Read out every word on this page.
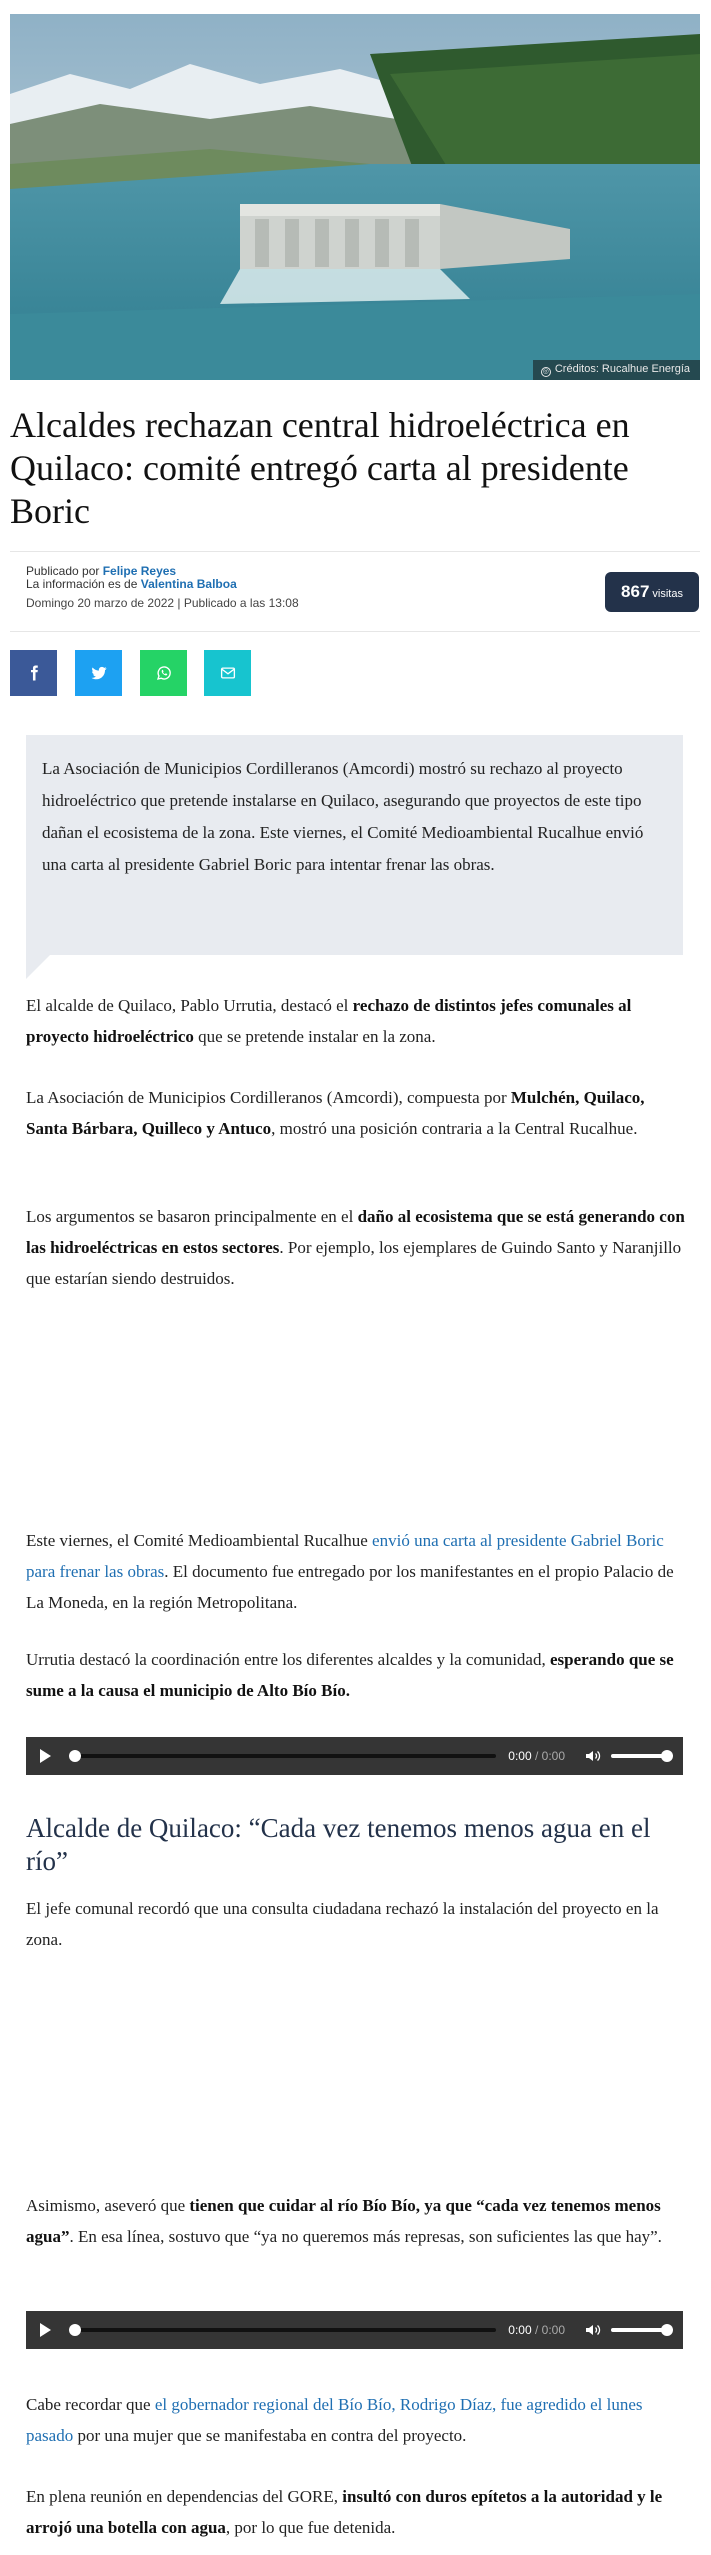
◎ Créditos: Rucalhue Energía
Alcaldes rechazan central hidroeléctrica en Quilaco: comité entregó carta al presidente Boric
Publicado por Felipe Reyes
La información es de Valentina Balboa
Domingo 20 marzo de 2022 | Publicado a las 13:08
867 visitas
La Asociación de Municipios Cordilleranos (Amcordi) mostró su rechazo al proyecto hidroeléctrico que pretende instalarse en Quilaco, asegurando que proyectos de este tipo dañan el ecosistema de la zona. Este viernes, el Comité Medioambiental Rucalhue envió una carta al presidente Gabriel Boric para intentar frenar las obras.

El alcalde de Quilaco, Pablo Urrutia, destacó el rechazo de distintos jefes comunales al proyecto hidroeléctrico que se pretende instalar en la zona.

La Asociación de Municipios Cordilleranos (Amcordi), compuesta por Mulchén, Quilaco, Santa Bárbara, Quilleco y Antuco, mostró una posición contraria a la Central Rucalhue.

Los argumentos se basaron principalmente en el daño al ecosistema que se está generando con las hidroeléctricas en estos sectores. Por ejemplo, los ejemplares de Guindo Santo y Naranjillo que estarían siendo destruidos.

Este viernes, el Comité Medioambiental Rucalhue envió una carta al presidente Gabriel Boric para frenar las obras. El documento fue entregado por los manifestantes en el propio Palacio de La Moneda, en la región Metropolitana.

Urrutia destacó la coordinación entre los diferentes alcaldes y la comunidad, esperando que se sume a la causa el municipio de Alto Bío Bío.

0:00 / 0:00
Alcalde de Quilaco: “Cada vez tenemos menos agua en el río”

El jefe comunal recordó que una consulta ciudadana rechazó la instalación del proyecto en la zona.

Asimismo, aseveró que tienen que cuidar al río Bío Bío, ya que “cada vez tenemos menos agua”. En esa línea, sostuvo que “ya no queremos más represas, son suficientes las que hay”.

0:00 / 0:00

Cabe recordar que el gobernador regional del Bío Bío, Rodrigo Díaz, fue agredido el lunes pasado por una mujer que se manifestaba en contra del proyecto.

En plena reunión en dependencias del GORE, insultó con duros epítetos a la autoridad y le arrojó una botella con agua, por lo que fue detenida.
